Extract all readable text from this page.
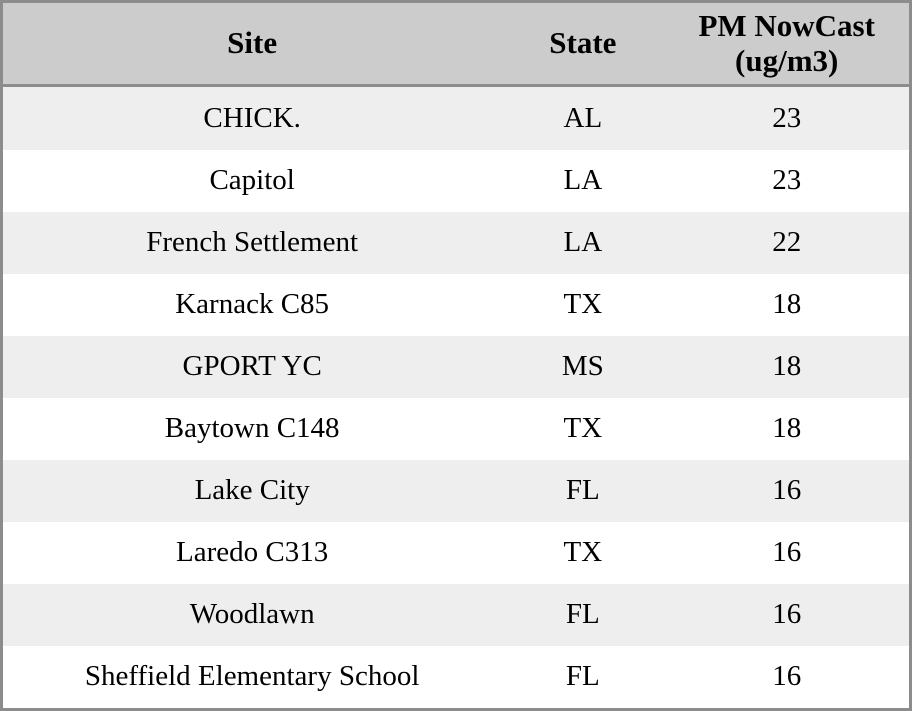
Site	State	PM NowCast (ug/m3)
CHICK.	AL	23
Capitol	LA	23
French Settlement	LA	22
Karnack C85	TX	18
GPORT YC	MS	18
Baytown C148	TX	18
Lake City	FL	16
Laredo C313	TX	16
Woodlawn	FL	16
Sheffield Elementary School	FL	16
